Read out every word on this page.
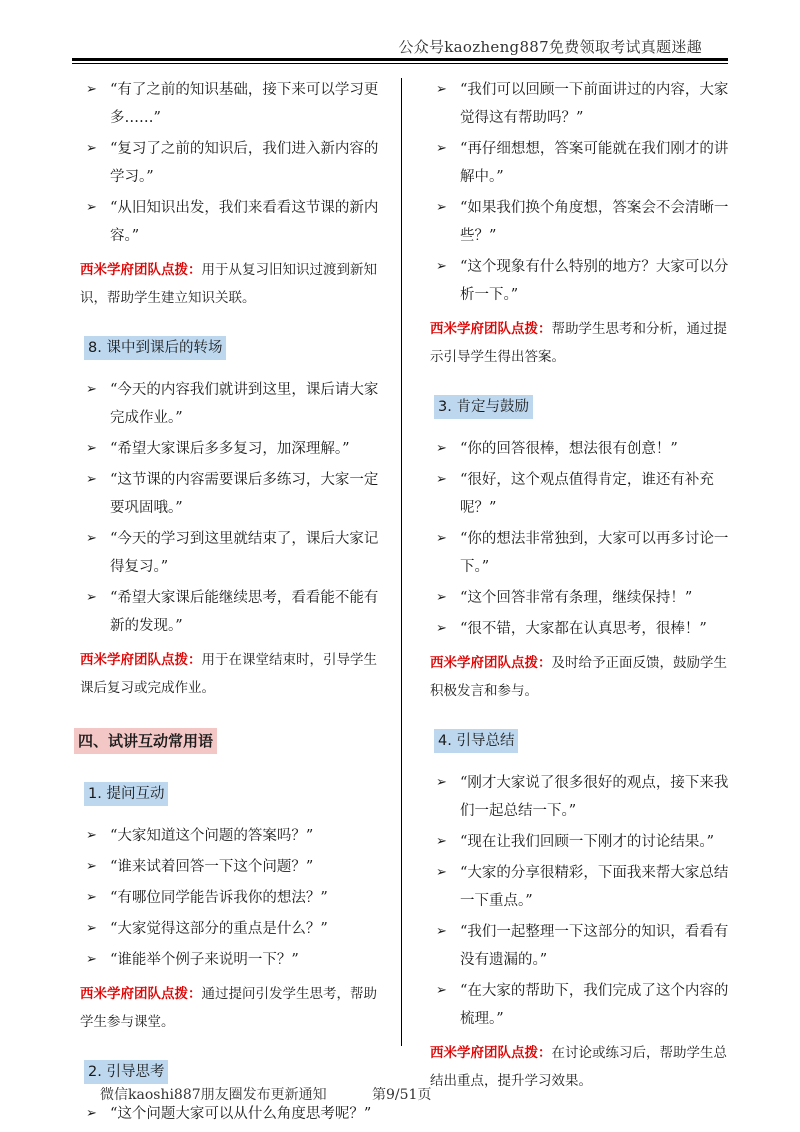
公众号kaozheng887免费领取考试真题迷趣
➢ “有了之前的知识基础，接下来可以学习更多……”
➢ “复习了之前的知识后，我们进入新内容的学习。”
➢ “从旧知识出发，我们来看看这节课的新内容。”
西米学府团队点拨：用于从复习旧知识过渡到新知识，帮助学生建立知识关联。
8. 课中到课后的转场
➢ “今天的内容我们就讲到这里，课后请大家完成作业。”
➢ “希望大家课后多多复习，加深理解。”
➢ “这节课的内容需要课后多练习，大家一定要巩固哦。”
➢ “今天的学习到这里就结束了，课后大家记得复习。”
➢ “希望大家课后能继续思考，看看能不能有新的发现。”
西米学府团队点拨：用于在课堂结束时，引导学生课后复习或完成作业。
四、试讲互动常用语
1. 提问互动
➢ “大家知道这个问题的答案吗？”
➢ “谁来试着回答一下这个问题？”
➢ “有哪位同学能告诉我你的想法？”
➢ “大家觉得这部分的重点是什么？”
➢ “谁能举个例子来说明一下？”
西米学府团队点拨：通过提问引发学生思考，帮助学生参与课堂。
2. 引导思考
➢ “这个问题大家可以从什么角度思考呢？”
➢ “我们可以回顾一下前面讲过的内容，大家觉得这有帮助吗？”
➢ “再仔细想想，答案可能就在我们刚才的讲解中。”
➢ “如果我们换个角度想，答案会不会清晰一些？”
➢ “这个现象有什么特别的地方？大家可以分析一下。”
西米学府团队点拨：帮助学生思考和分析，通过提示引导学生得出答案。
3. 肯定与鼓励
➢ “你的回答很棒，想法很有创意！”
➢ “很好，这个观点值得肯定，谁还有补充呢？”
➢ “你的想法非常独到，大家可以再多讨论一下。”
➢ “这个回答非常有条理，继续保持！”
➢ “很不错，大家都在认真思考，很棒！”
西米学府团队点拨：及时给予正面反馈，鼓励学生积极发言和参与。
4. 引导总结
➢ “刚才大家说了很多很好的观点，接下来我们一起总结一下。”
➢ “现在让我们回顾一下刚才的讨论结果。”
➢ “大家的分享很精彩，下面我来帮大家总结一下重点。”
➢ “我们一起整理一下这部分的知识，看看有没有遗漏的。”
➢ “在大家的帮助下，我们完成了这个内容的梳理。”
西米学府团队点拨：在讨论或练习后，帮助学生总结出重点，提升学习效果。
微信kaoshi887朋友圈发布更新通知	第9/51页
